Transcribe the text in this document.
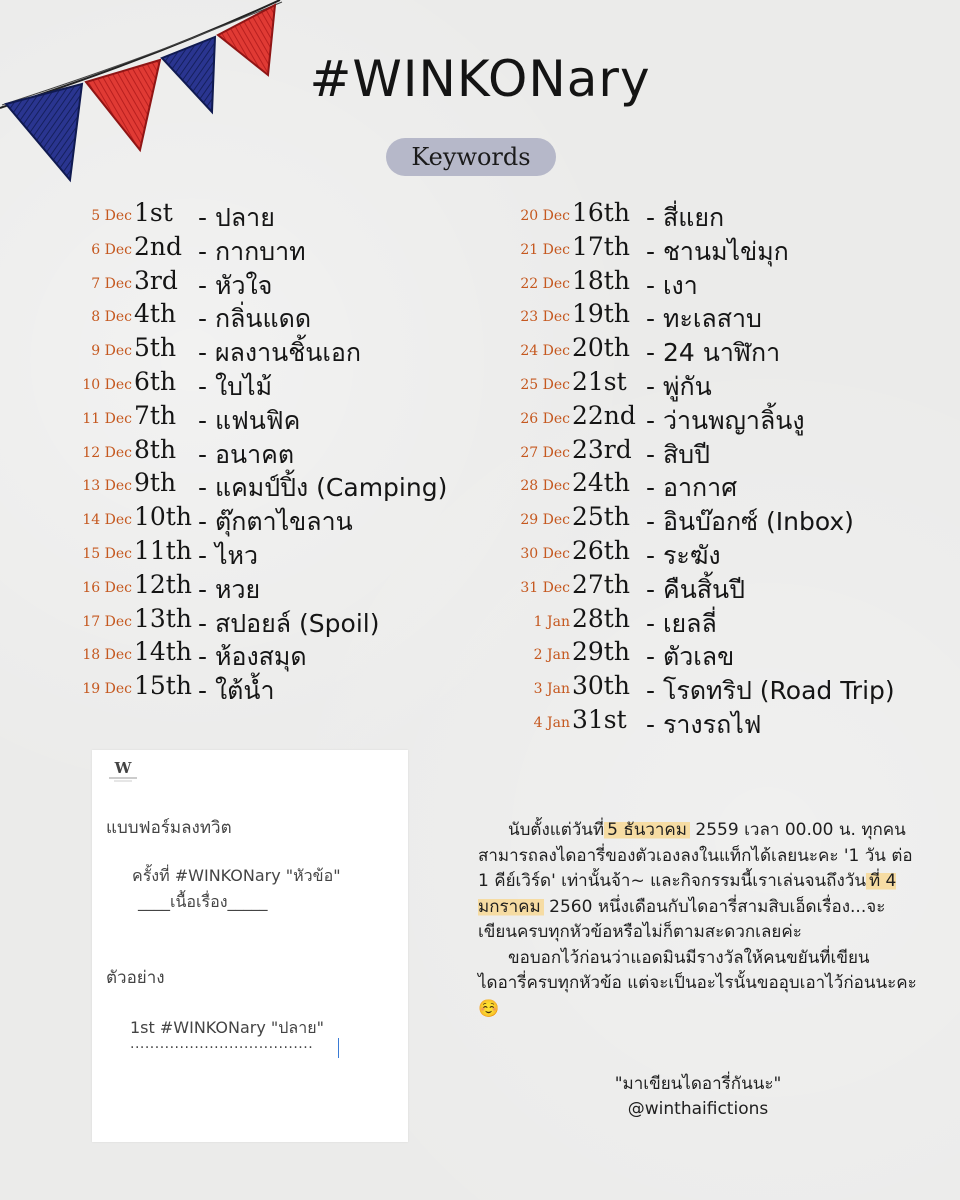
#WINKONary
Keywords
5 Dec 1st - ปลาย
6 Dec 2nd - กากบาท
7 Dec 3rd - หัวใจ
8 Dec 4th - กลิ่นแดด
9 Dec 5th - ผลงานชิ้นเอก
10 Dec 6th - ใบไม้
11 Dec 7th - แฟนฟิค
12 Dec 8th - อนาคต
13 Dec 9th - แคมป์ปิ้ง (Camping)
14 Dec 10th - ตุ๊กตาไขลาน
15 Dec 11th - ไหว
16 Dec 12th - หวย
17 Dec 13th - สปอยล์ (Spoil)
18 Dec 14th - ห้องสมุด
19 Dec 15th - ใต้น้ำ
20 Dec 16th - สี่แยก
21 Dec 17th - ชานมไข่มุก
22 Dec 18th - เงา
23 Dec 19th - ทะเลสาบ
24 Dec 20th - 24 นาฬิกา
25 Dec 21st - พู่กัน
26 Dec 22nd - ว่านพญาลิ้นงู
27 Dec 23rd - สิบปี
28 Dec 24th - อากาศ
29 Dec 25th - อินบ๊อกซ์ (Inbox)
30 Dec 26th - ระฆัง
31 Dec 27th - คืนสิ้นปี
1 Jan 28th - เยลลี่
2 Jan 29th - ตัวเลข
3 Jan 30th - โรดทริป (Road Trip)
4 Jan 31st - รางรถไฟ
W
แบบฟอร์มลงทวิต
ครั้งที่ #WINKONary "หัวข้อ"
____เนื้อเรื่อง_____
ตัวอย่าง
1st #WINKONary "ปลาย"
.....................................

นับตั้งแต่วันที่ 5 ธันวาคม 2559 เวลา 00.00 น. ทุกคนสามารถลงไดอารี่ของตัวเองลงในแท็กได้เลยนะคะ '1 วัน ต่อ 1 คีย์เวิร์ด' เท่านั้นจ้า~ และกิจกรรมนี้เราเล่นจนถึงวัน ที่ 4 มกราคม 2560 หนึ่งเดือนกับไดอารี่สามสิบเอ็ดเรื่อง...จะเขียนครบทุกหัวข้อหรือไม่ก็ตามสะดวกเลยค่ะ

ขอบอกไว้ก่อนว่าแอดมินมีรางวัลให้คนขยันที่เขียนไดอารี่ครบทุกหัวข้อ แต่จะเป็นอะไรนั้นขออุบเอาไว้ก่อนนะคะ ☺️

"มาเขียนไดอารี่กันนะ"
@winthaifictions
